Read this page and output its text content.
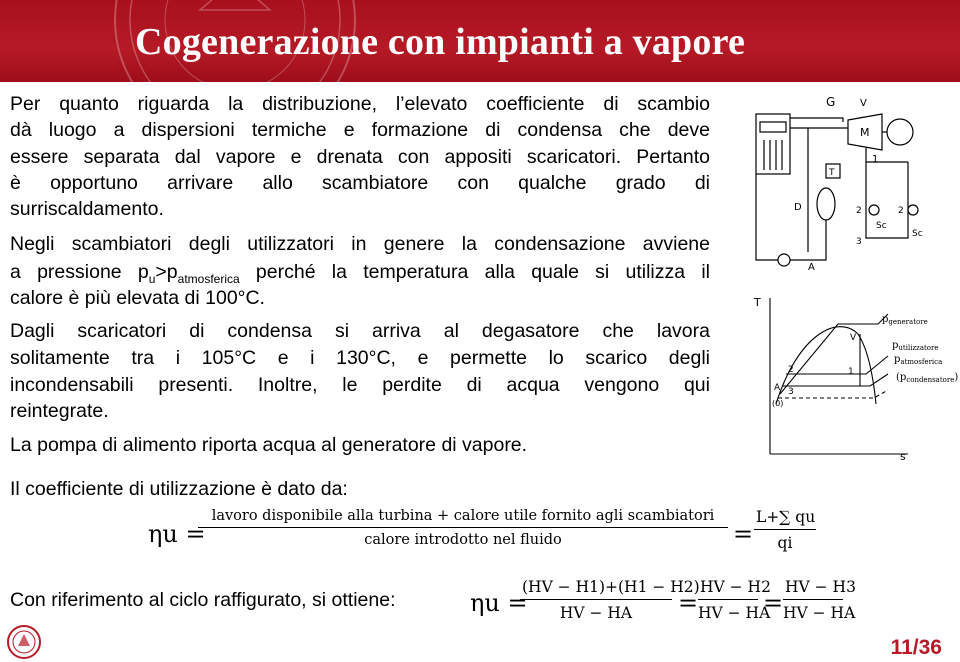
Cogenerazione con impianti a vapore
Per quanto riguarda la distribuzione, l’elevato coefficiente di scambio
dà luogo a dispersioni termiche e formazione di condensa che deve
essere separata dal vapore e drenata con appositi scaricatori. Pertanto
è opportuno arrivare allo scambiatore con qualche grado di
surriscaldamento.
Negli scambiatori degli utilizzatori in genere la condensazione avviene
a pressione $p_u>p_{atmosferica}$ perché la temperatura alla quale si utilizza il
calore è più elevata di 100°C.
Dagli scaricatori di condensa si arriva al degasatore che lavora
solitamente tra i 105°C e i 130°C, e permette lo scarico degli
incondensabili presenti. Inoltre, le perdite di acqua vengono qui
reintegrate.
La pompa di alimento riporta acqua al generatore di vapore.
Il coefficiente di utilizzazione è dato da:
ηu =
lavoro disponibile alla turbina + calore utile fornito agli scambiatori
calore introdotto nel fluido	= $\frac{L+\sum qu}{qi}$
Con riferimento al ciclo raffigurato, si ottiene:	ηu =
$\frac{(HV - H1)+(H1 - H2)}{HV - HA} = \frac{HV - H2}{HV - HA} = \frac{HV - H3}{HV - HA}$
G
M
V
1
T
D	2	2
Sc
Sc
3
A
T
s
V
1
2
3
A
(0)
$p_{generatore}$
$p_{utilizzatore}$
$p_{atmosferica}$
$(p_{condensatore})$
11/36
